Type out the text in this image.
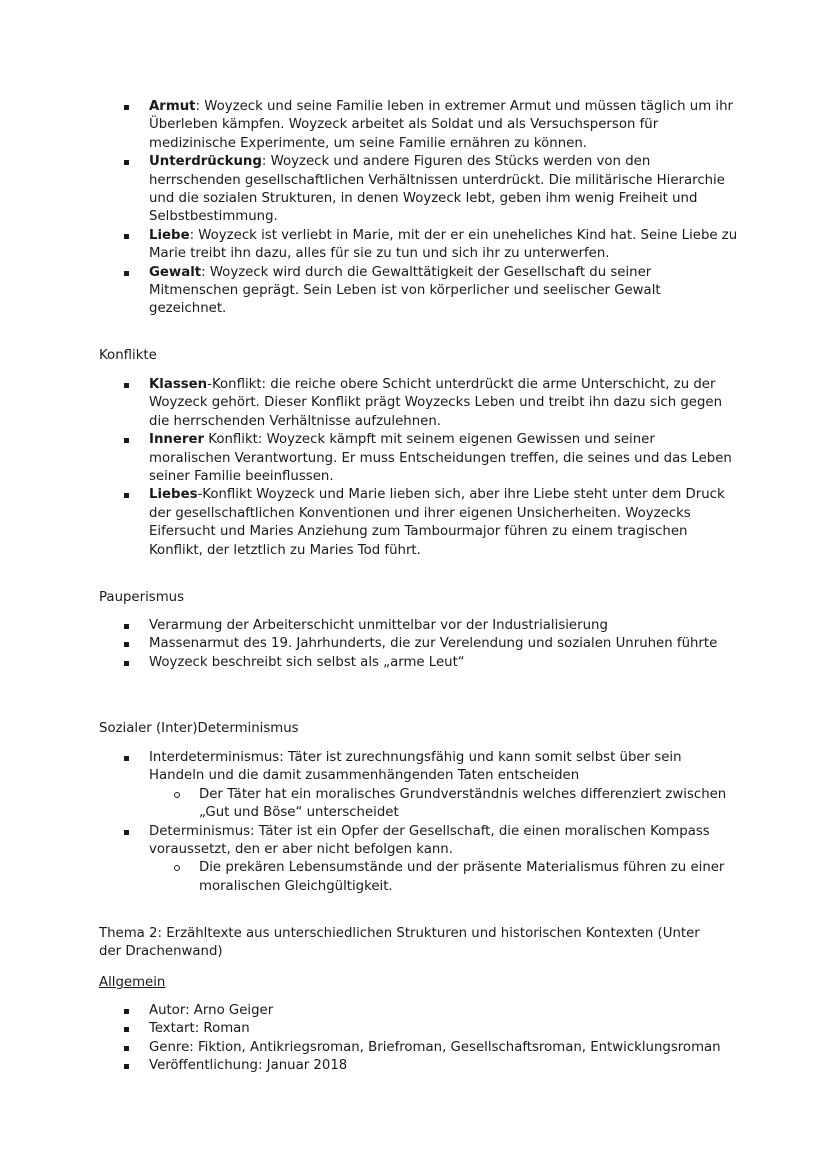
Armut: Woyzeck und seine Familie leben in extremer Armut und müssen täglich um ihr Überleben kämpfen. Woyzeck arbeitet als Soldat und als Versuchsperson für medizinische Experimente, um seine Familie ernähren zu können.
Unterdrückung: Woyzeck und andere Figuren des Stücks werden von den herrschenden gesellschaftlichen Verhältnissen unterdrückt. Die militärische Hierarchie und die sozialen Strukturen, in denen Woyzeck lebt, geben ihm wenig Freiheit und Selbstbestimmung.
Liebe: Woyzeck ist verliebt in Marie, mit der er ein uneheliches Kind hat. Seine Liebe zu Marie treibt ihn dazu, alles für sie zu tun und sich ihr zu unterwerfen.
Gewalt: Woyzeck wird durch die Gewalttätigkeit der Gesellschaft du seiner Mitmenschen geprägt. Sein Leben ist von körperlicher und seelischer Gewalt gezeichnet.

Konflikte

Klassen-Konflikt: die reiche obere Schicht unterdrückt die arme Unterschicht, zu der Woyzeck gehört. Dieser Konflikt prägt Woyzecks Leben und treibt ihn dazu sich gegen die herrschenden Verhältnisse aufzulehnen.
Innerer Konflikt: Woyzeck kämpft mit seinem eigenen Gewissen und seiner moralischen Verantwortung. Er muss Entscheidungen treffen, die seines und das Leben seiner Familie beeinflussen.
Liebes-Konflikt Woyzeck und Marie lieben sich, aber ihre Liebe steht unter dem Druck der gesellschaftlichen Konventionen und ihrer eigenen Unsicherheiten. Woyzecks Eifersucht und Maries Anziehung zum Tambourmajor führen zu einem tragischen Konflikt, der letztlich zu Maries Tod führt.

Pauperismus

Verarmung der Arbeiterschicht unmittelbar vor der Industrialisierung
Massenarmut des 19. Jahrhunderts, die zur Verelendung und sozialen Unruhen führte
Woyzeck beschreibt sich selbst als „arme Leut“

Sozialer (Inter)Determinismus

Interdeterminismus: Täter ist zurechnungsfähig und kann somit selbst über sein Handeln und die damit zusammenhängenden Taten entscheiden
Der Täter hat ein moralisches Grundverständnis welches differenziert zwischen „Gut und Böse“ unterscheidet
Determinismus: Täter ist ein Opfer der Gesellschaft, die einen moralischen Kompass voraussetzt, den er aber nicht befolgen kann.
Die prekären Lebensumstände und der präsente Materialismus führen zu einer moralischen Gleichgültigkeit.

Thema 2: Erzähltexte aus unterschiedlichen Strukturen und historischen Kontexten (Unter der Drachenwand)

Allgemein

Autor: Arno Geiger
Textart: Roman
Genre: Fiktion, Antikriegsroman, Briefroman, Gesellschaftsroman, Entwicklungsroman
Veröffentlichung: Januar 2018
